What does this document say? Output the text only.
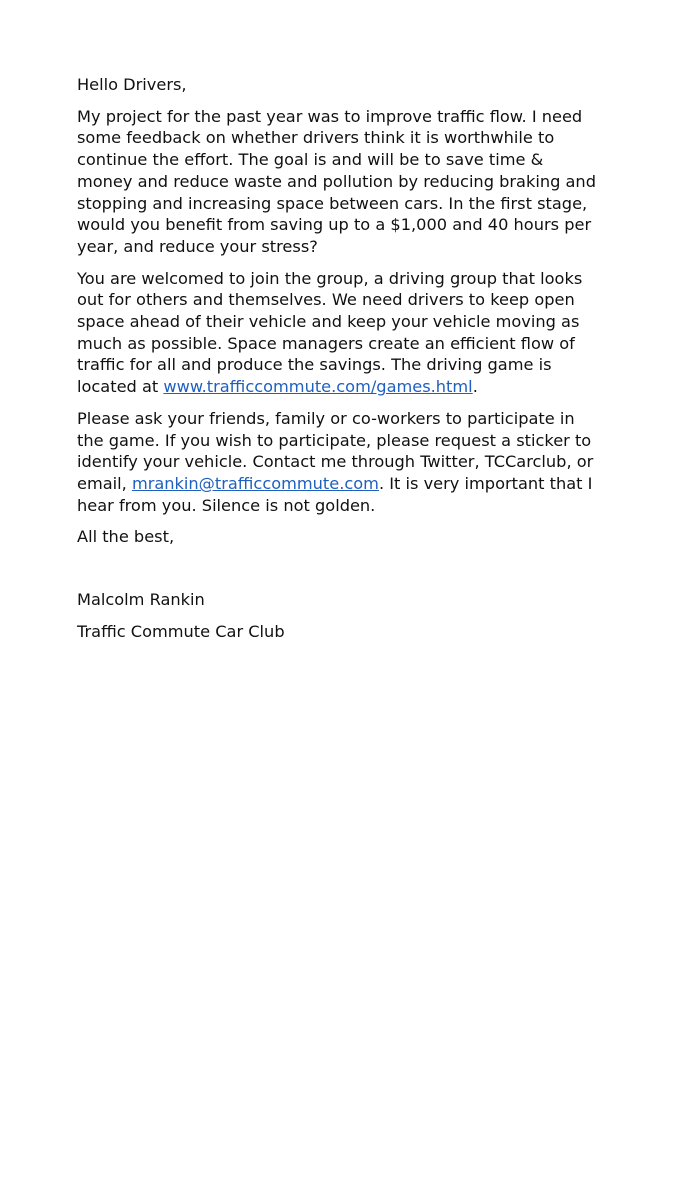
Hello Drivers,

My project for the past year was to improve traffic flow. I need some feedback on whether drivers think it is worthwhile to continue the effort. The goal is and will be to save time & money and reduce waste and pollution by reducing braking and stopping and increasing space between cars. In the first stage, would you benefit from saving up to a $1,000 and 40 hours per year, and reduce your stress?

You are welcomed to join the group, a driving group that looks out for others and themselves. We need drivers to keep open space ahead of their vehicle and keep your vehicle moving as much as possible. Space managers create an efficient flow of traffic for all and produce the savings. The driving game is located at www.trafficcommute.com/games.html.

Please ask your friends, family or co-workers to participate in the game. If you wish to participate, please request a sticker to identify your vehicle. Contact me through Twitter, TCCarclub, or email, mrankin@trafficcommute.com. It is very important that I hear from you. Silence is not golden.

All the best,

Malcolm Rankin

Traffic Commute Car Club
